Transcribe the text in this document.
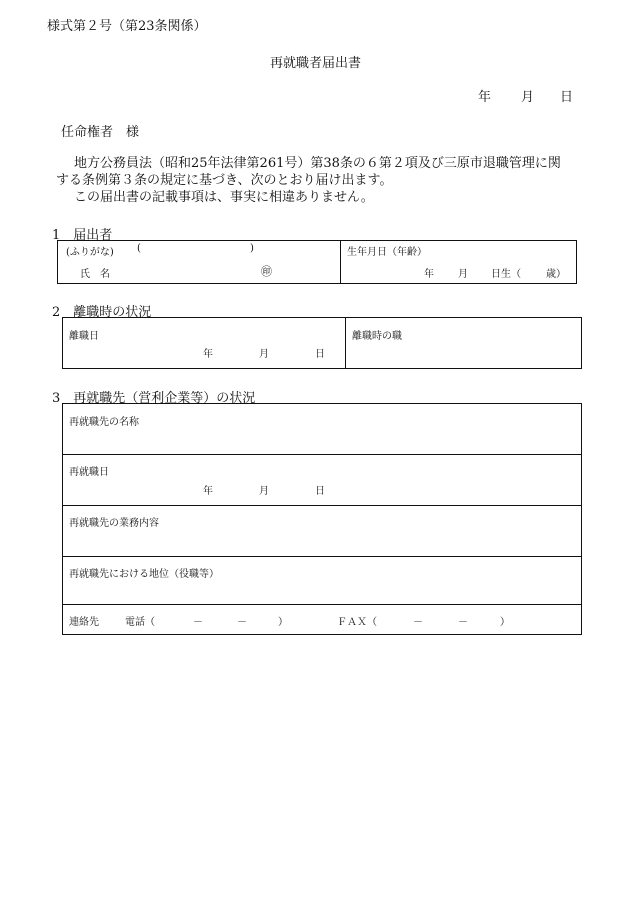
様式第２号（第23条関係）
再就職者届出書
年 月 日
任命権者　様

地方公務員法（昭和25年法律第261号）第38条の６第２項及び三原市退職管理に関

する条例第３条の規定に基づき、次のとおり届け出ます。

この届出書の記載事項は、事実に相違ありません。

1　届出者
(ふりがな) (	)
氏　名	㊞
生年月日（年齢）
年 月 日生（	歳）
2　離職時の状況
離職日
年	月	日
離職時の職
3　再就職先（営利企業等）の状況
再就職先の名称
再就職日
年	月	日
再就職先の業務内容
再就職先における地位（役職等）
連絡先	電話（	－	－	）	ＦＡＸ（	－	－	）
